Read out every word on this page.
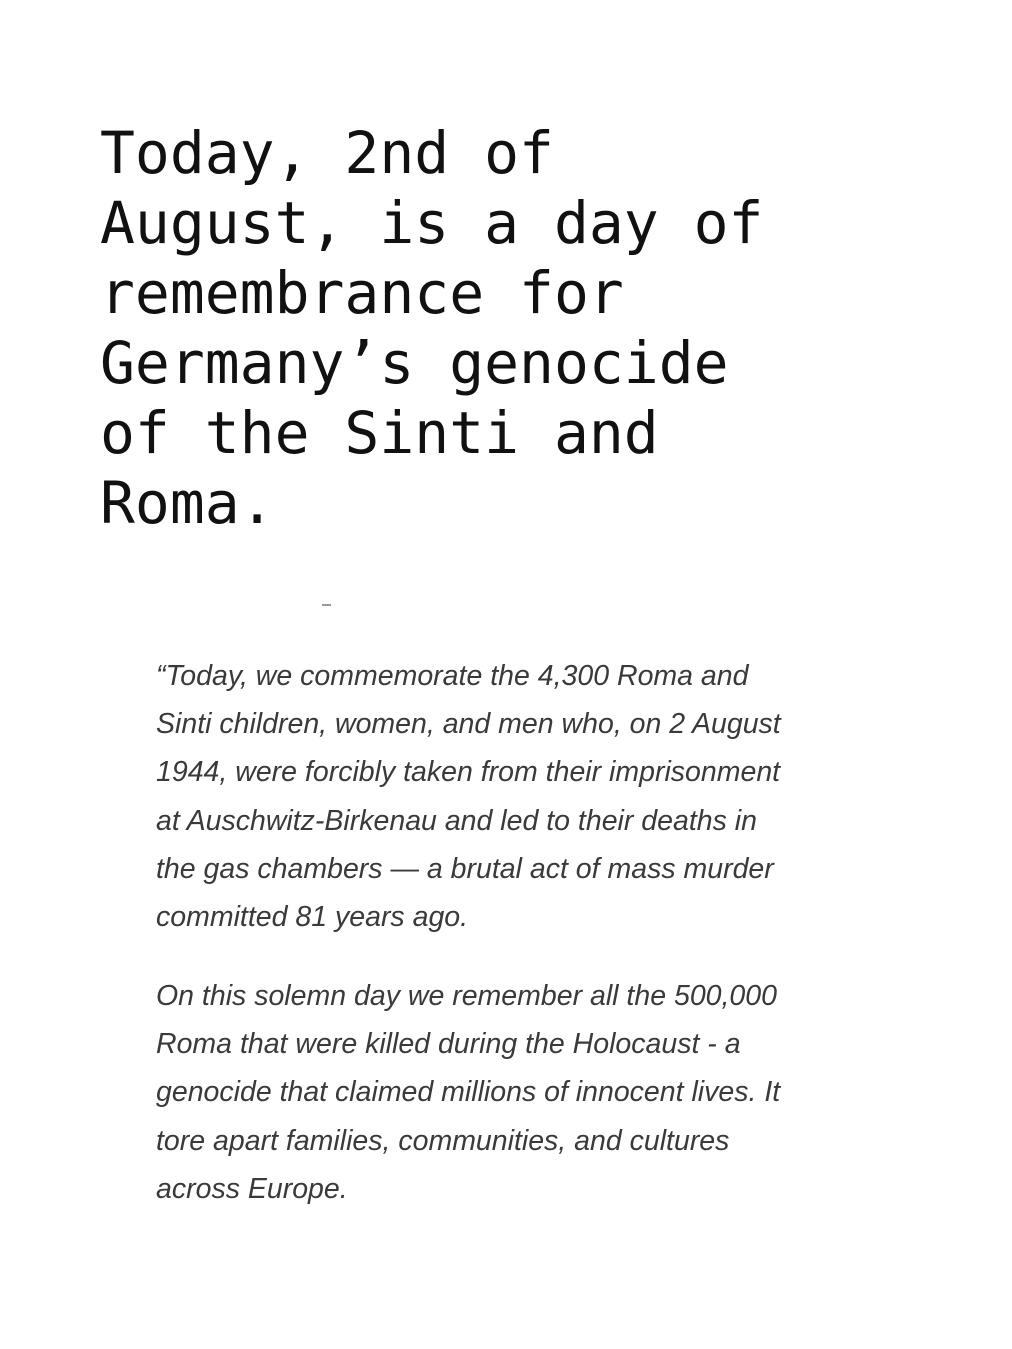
Today, 2nd of
August, is a day of
remembrance for
Germany’s genocide
of the Sinti and
Roma.

“Today, we commemorate the 4,300 Roma and
Sinti children, women, and men who, on 2 August
1944, were forcibly taken from their imprisonment
at Auschwitz-Birkenau and led to their deaths in
the gas chambers — a brutal act of mass murder
committed 81 years ago.

On this solemn day we remember all the 500,000
Roma that were killed during the Holocaust - a
genocide that claimed millions of innocent lives. It
tore apart families, communities, and cultures
across Europe.
